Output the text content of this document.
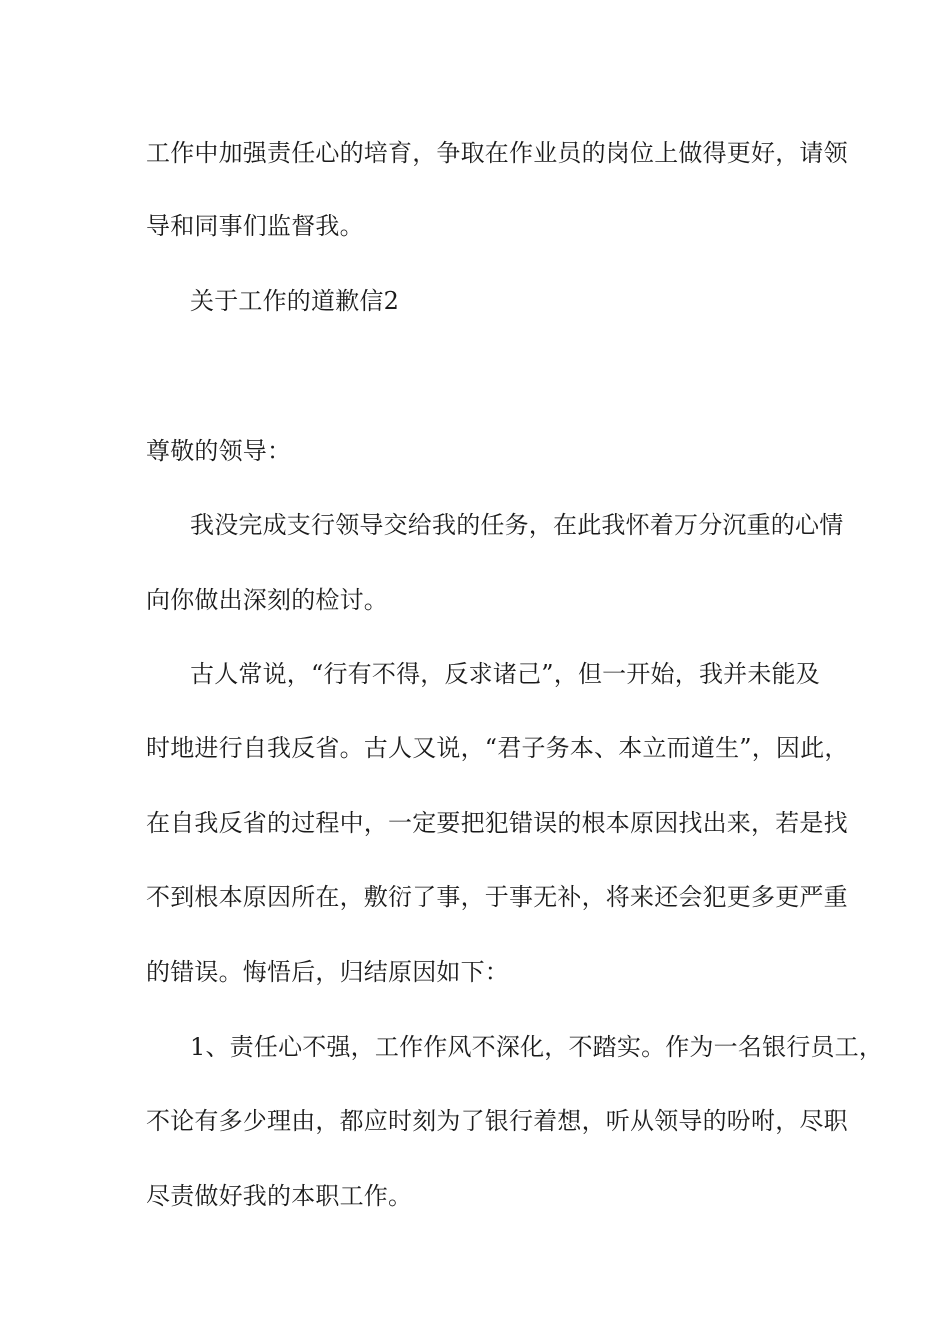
工作中加强责任心的培育，争取在作业员的岗位上做得更好，请领
导和同事们监督我。
关于工作的道歉信2
尊敬的领导：
我没完成支行领导交给我的任务，在此我怀着万分沉重的心情
向你做出深刻的检讨。
古人常说，“行有不得，反求诸己”，但一开始，我并未能及
时地进行自我反省。古人又说，“君子务本、本立而道生”，因此，
在自我反省的过程中，一定要把犯错误的根本原因找出来，若是找
不到根本原因所在，敷衍了事，于事无补，将来还会犯更多更严重
的错误。悔悟后，归结原因如下：
1、责任心不强，工作作风不深化，不踏实。作为一名银行员工，
不论有多少理由，都应时刻为了银行着想，听从领导的吩咐，尽职
尽责做好我的本职工作。
